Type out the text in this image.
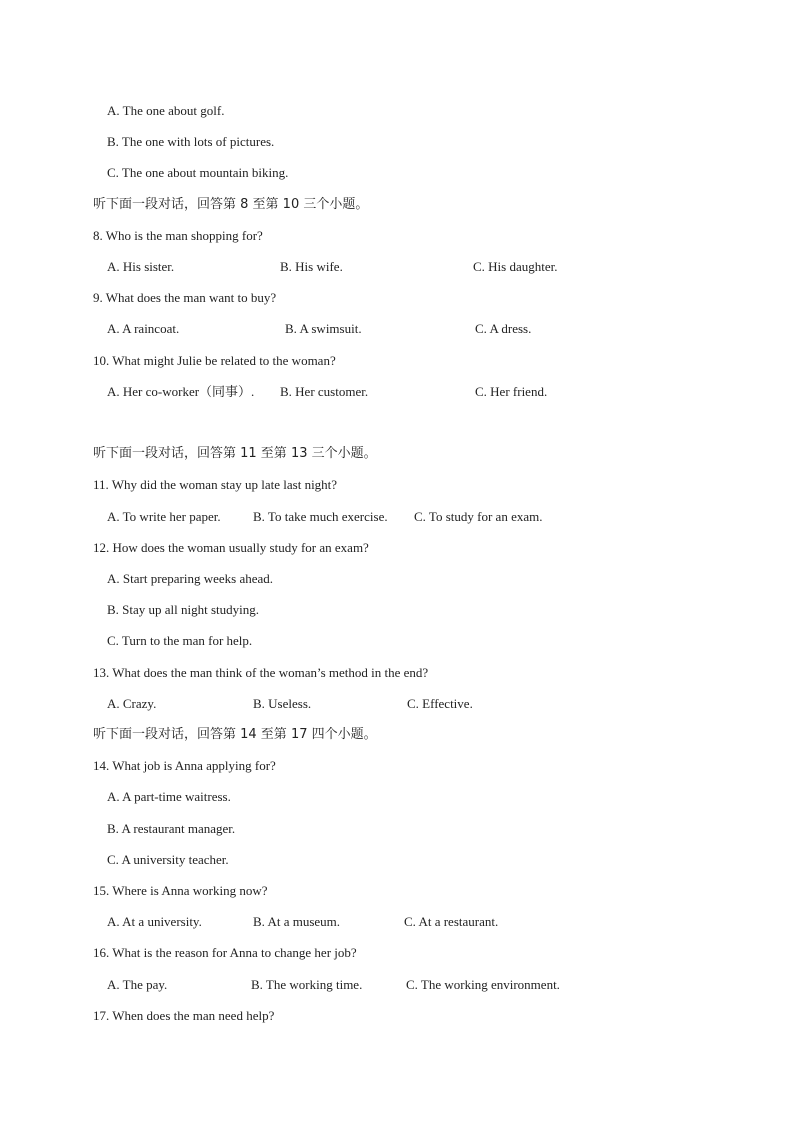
A. The one about golf.
B. The one with lots of pictures.
C. The one about mountain biking.
听下面一段对话，回答第 8 至第 10 三个小题。
8. Who is the man shopping for?
A. His sister.	B. His wife.	C. His daughter.
9. What does the man want to buy?
A. A raincoat.	B. A swimsuit.	C. A dress.
10. What might Julie be related to the woman?
A. Her co-worker（同事）. B. Her customer.	C. Her friend.
听下面一段对话，回答第 11 至第 13 三个小题。
11. Why did the woman stay up late last night?
A. To write her paper. B. To take much exercise. C. To study for an exam.
12. How does the woman usually study for an exam?
A. Start preparing weeks ahead.
B. Stay up all night studying.
C. Turn to the man for help.
13. What does the man think of the woman’s method in the end?
A. Crazy.	B. Useless.	C. Effective.
听下面一段对话，回答第 14 至第 17 四个小题。
14. What job is Anna applying for?
A. A part-time waitress.
B. A restaurant manager.
C. A university teacher.
15. Where is Anna working now?
A. At a university.	B. At a museum.	C. At a restaurant.
16. What is the reason for Anna to change her job?
A. The pay.	B. The working time.	C. The working environment.
17. When does the man need help?
